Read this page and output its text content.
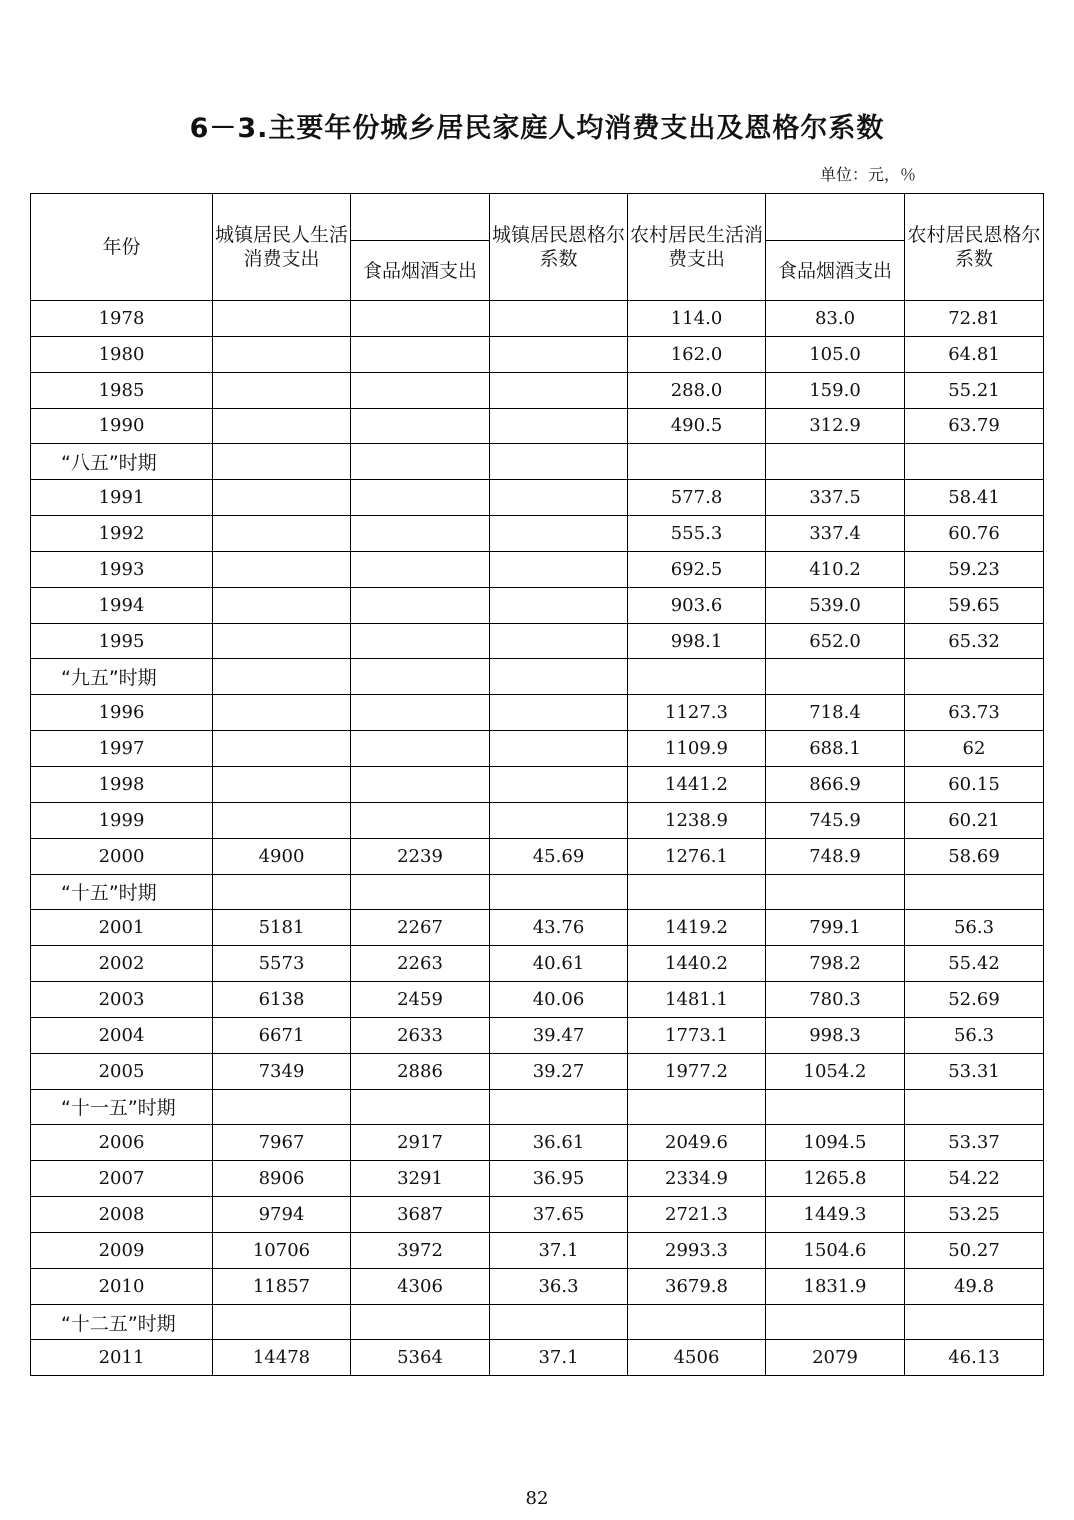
6－3.主要年份城乡居民家庭人均消费支出及恩格尔系数
单位：元，％
年份	城镇居民人生活消费支出		城镇居民恩格尔系数	农村居民生活消费支出		农村居民恩格尔系数
		食品烟酒支出			食品烟酒支出	
1978				114.0	83.0	72.81
1980				162.0	105.0	64.81
1985				288.0	159.0	55.21
1990				490.5	312.9	63.79
“八五”时期						
1991				577.8	337.5	58.41
1992				555.3	337.4	60.76
1993				692.5	410.2	59.23
1994				903.6	539.0	59.65
1995				998.1	652.0	65.32
“九五”时期						
1996				1127.3	718.4	63.73
1997				1109.9	688.1	62
1998				1441.2	866.9	60.15
1999				1238.9	745.9	60.21
2000	4900	2239	45.69	1276.1	748.9	58.69
“十五”时期						
2001	5181	2267	43.76	1419.2	799.1	56.3
2002	5573	2263	40.61	1440.2	798.2	55.42
2003	6138	2459	40.06	1481.1	780.3	52.69
2004	6671	2633	39.47	1773.1	998.3	56.3
2005	7349	2886	39.27	1977.2	1054.2	53.31
“十一五”时期						
2006	7967	2917	36.61	2049.6	1094.5	53.37
2007	8906	3291	36.95	2334.9	1265.8	54.22
2008	9794	3687	37.65	2721.3	1449.3	53.25
2009	10706	3972	37.1	2993.3	1504.6	50.27
2010	11857	4306	36.3	3679.8	1831.9	49.8
“十二五”时期						
2011	14478	5364	37.1	4506	2079	46.13
82
